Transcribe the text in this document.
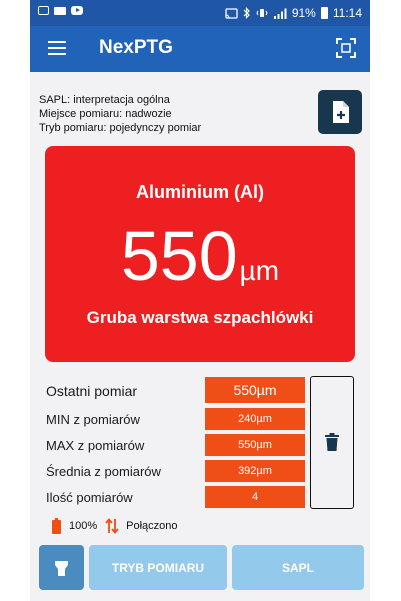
91% 11:14
NexPTG
SAPL: interpretacja ogólna
Miejsce pomiaru: nadwozie
Tryb pomiaru: pojedynczy pomiar
Aluminium (Al)
550 µm
Gruba warstwa szpachlówki
Ostatni pomiar	550µm
MIN z pomiarów	240µm
MAX z pomiarów	550µm
Średnia z pomiarów	392µm
Ilość pomiarów	4
100%	Połączono
TRYB POMIARU	SAPL
